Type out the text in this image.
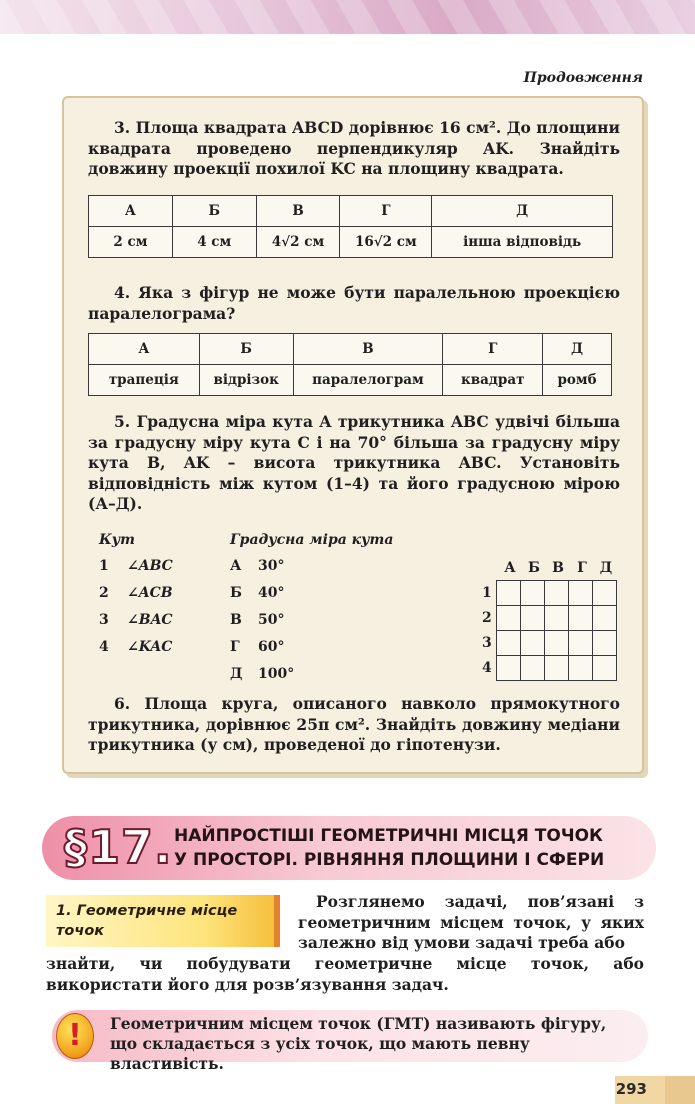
Продовження
3. Площа квадрата ABCD дорівнює 16 см². До площини квадрата проведено перпендикуляр AK. Знайдіть довжину проекції похилої KC на площину квадрата.
А	Б	В	Г	Д
2 см	4 см	4√2 см	16√2 см	інша відповідь
4. Яка з фігур не може бути паралельною проекцією паралелограма?
А	Б	В	Г	Д
трапеція	відрізок	паралелограм	квадрат	ромб
5. Градусна міра кута A трикутника ABC удвічі більша за градусну міру кута C і на 70° більша за градусну міру кута B, AK – висота трикутника ABC. Установіть відповідність між кутом (1–4) та його градусною мірою (А–Д).
Кут	Градусна міра кута
1 ∠ABC
2 ∠ACB
3 ∠BAC
4 ∠KAC
А 30°
Б 40°
В 50°
Г 60°
Д 100°
А Б В Г Д
1
2
3
4

6. Площа круга, описаного навколо прямокутного трикутника, дорівнює 25π см². Знайдіть довжину медіани трикутника (у см), проведеної до гіпотенузи.
§17. НАЙПРОСТІШІ ГЕОМЕТРИЧНІ МІСЦЯ ТОЧОК
У ПРОСТОРІ. РІВНЯННЯ ПЛОЩИНИ І СФЕРИ
1. Геометричне місце точок
Розглянемо задачі, пов’язані з геометричним місцем точок, у яких залежно від умови задачі треба або
знайти, чи побудувати геометричне місце точок, або використати його для розв’язування задач.
!	Геометричним місцем точок (ГМТ) називають фігуру, що складається з усіх точок, що мають певну властивість.
293
